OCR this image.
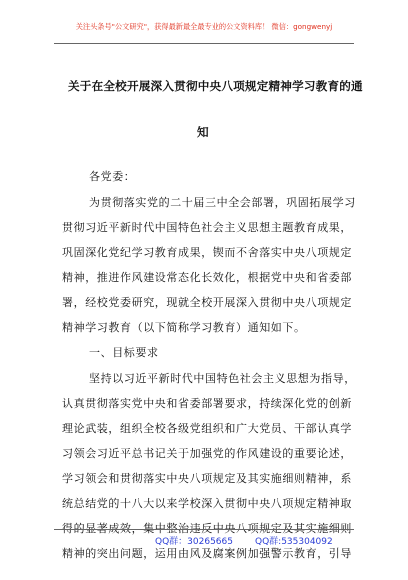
关注头条号"公文研究"，获得最新最全最专业的公文资料库！ 微信：gongwenyj
关于在全校开展深入贯彻中央八项规定精神学习教育的通
知
各党委：
为贯彻落实党的二十届三中全会部署，巩固拓展学习
贯彻习近平新时代中国特色社会主义思想主题教育成果，
巩固深化党纪学习教育成果，锲而不舍落实中央八项规定
精神，推进作风建设常态化长效化，根据党中央和省委部
署，经校党委研究，现就全校开展深入贯彻中央八项规定
精神学习教育（以下简称学习教育）通知如下。
一、目标要求
坚持以习近平新时代中国特色社会主义思想为指导，
认真贯彻落实党中央和省委部署要求，持续深化党的创新
理论武装，组织全校各级党组织和广大党员、干部认真学
习领会习近平总书记关于加强党的作风建设的重要论述，
学习领会和贯彻落实中央八项规定及其实施细则精神，系
统总结党的十八大以来学校深入贯彻中央八项规定精神取
得的显著成效，集中整治违反中央八项规定及其实施细则
精神的突出问题，运用由风及腐案例加强警示教育，引导
QQ群：30265665 QQ群:535304092
